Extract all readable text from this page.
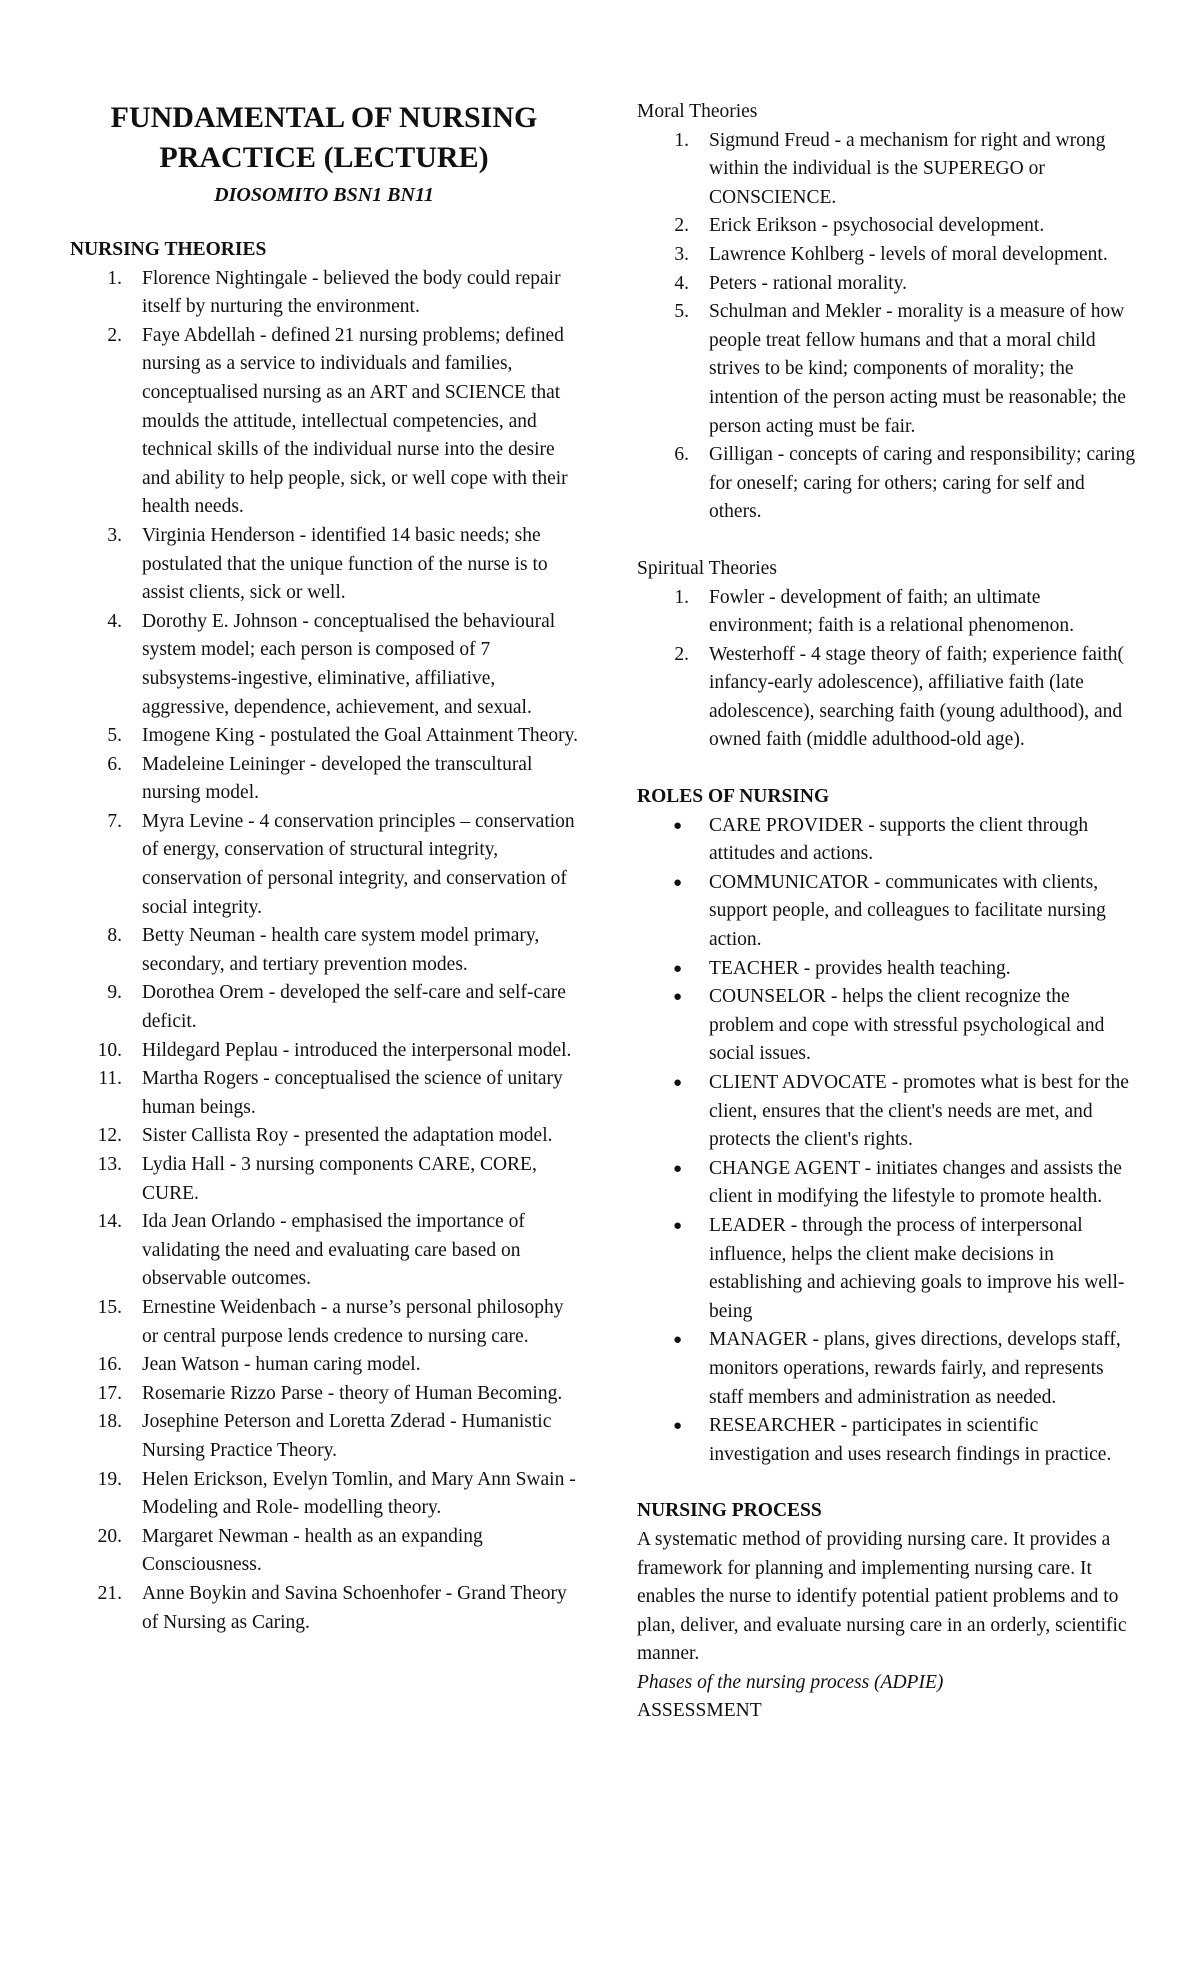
FUNDAMENTAL OF NURSING PRACTICE (LECTURE)
DIOSOMITO BSN1 BN11
NURSING THEORIES
1. Florence Nightingale - believed the body could repair itself by nurturing the environment.
2. Faye Abdellah - defined 21 nursing problems; defined nursing as a service to individuals and families, conceptualised nursing as an ART and SCIENCE that moulds the attitude, intellectual competencies, and technical skills of the individual nurse into the desire and ability to help people, sick, or well cope with their health needs.
3. Virginia Henderson - identified 14 basic needs; she postulated that the unique function of the nurse is to assist clients, sick or well.
4. Dorothy E. Johnson - conceptualised the behavioural system model; each person is composed of 7 subsystems-ingestive, eliminative, affiliative, aggressive, dependence, achievement, and sexual.
5. Imogene King - postulated the Goal Attainment Theory.
6. Madeleine Leininger - developed the transcultural nursing model.
7. Myra Levine - 4 conservation principles – conservation of energy, conservation of structural integrity, conservation of personal integrity, and conservation of social integrity.
8. Betty Neuman - health care system model primary, secondary, and tertiary prevention modes.
9. Dorothea Orem - developed the self-care and self-care deficit.
10. Hildegard Peplau - introduced the interpersonal model.
11. Martha Rogers - conceptualised the science of unitary human beings.
12. Sister Callista Roy - presented the adaptation model.
13. Lydia Hall - 3 nursing components CARE, CORE, CURE.
14. Ida Jean Orlando - emphasised the importance of validating the need and evaluating care based on observable outcomes.
15. Ernestine Weidenbach - a nurse’s personal philosophy or central purpose lends credence to nursing care.
16. Jean Watson - human caring model.
17. Rosemarie Rizzo Parse - theory of Human Becoming.
18. Josephine Peterson and Loretta Zderad - Humanistic Nursing Practice Theory.
19. Helen Erickson, Evelyn Tomlin, and Mary Ann Swain - Modeling and Role- modelling theory.
20. Margaret Newman - health as an expanding Consciousness.
21. Anne Boykin and Savina Schoenhofer - Grand Theory of Nursing as Caring.
Moral Theories
1. Sigmund Freud - a mechanism for right and wrong within the individual is the SUPEREGO or CONSCIENCE.
2. Erick Erikson - psychosocial development.
3. Lawrence Kohlberg - levels of moral development.
4. Peters - rational morality.
5. Schulman and Mekler - morality is a measure of how people treat fellow humans and that a moral child strives to be kind; components of morality; the intention of the person acting must be reasonable; the person acting must be fair.
6. Gilligan - concepts of caring and responsibility; caring for oneself; caring for others; caring for self and others.
Spiritual Theories
1. Fowler - development of faith; an ultimate environment; faith is a relational phenomenon.
2. Westerhoff - 4 stage theory of faith; experience faith( infancy-early adolescence), affiliative faith (late adolescence), searching faith (young adulthood), and owned faith (middle adulthood-old age).
ROLES OF NURSING
● CARE PROVIDER - supports the client through attitudes and actions.
● COMMUNICATOR - communicates with clients, support people, and colleagues to facilitate nursing action.
● TEACHER - provides health teaching.
● COUNSELOR - helps the client recognize the problem and cope with stressful psychological and social issues.
● CLIENT ADVOCATE - promotes what is best for the client, ensures that the client's needs are met, and protects the client's rights.
● CHANGE AGENT - initiates changes and assists the client in modifying the lifestyle to promote health.
● LEADER - through the process of interpersonal influence, helps the client make decisions in establishing and achieving goals to improve his well-being
● MANAGER - plans, gives directions, develops staff, monitors operations, rewards fairly, and represents staff members and administration as needed.
● RESEARCHER - participates in scientific investigation and uses research findings in practice.
NURSING PROCESS

A systematic method of providing nursing care. It provides a framework for planning and implementing nursing care. It enables the nurse to identify potential patient problems and to plan, deliver, and evaluate nursing care in an orderly, scientific manner.

Phases of the nursing process (ADPIE)

ASSESSMENT
